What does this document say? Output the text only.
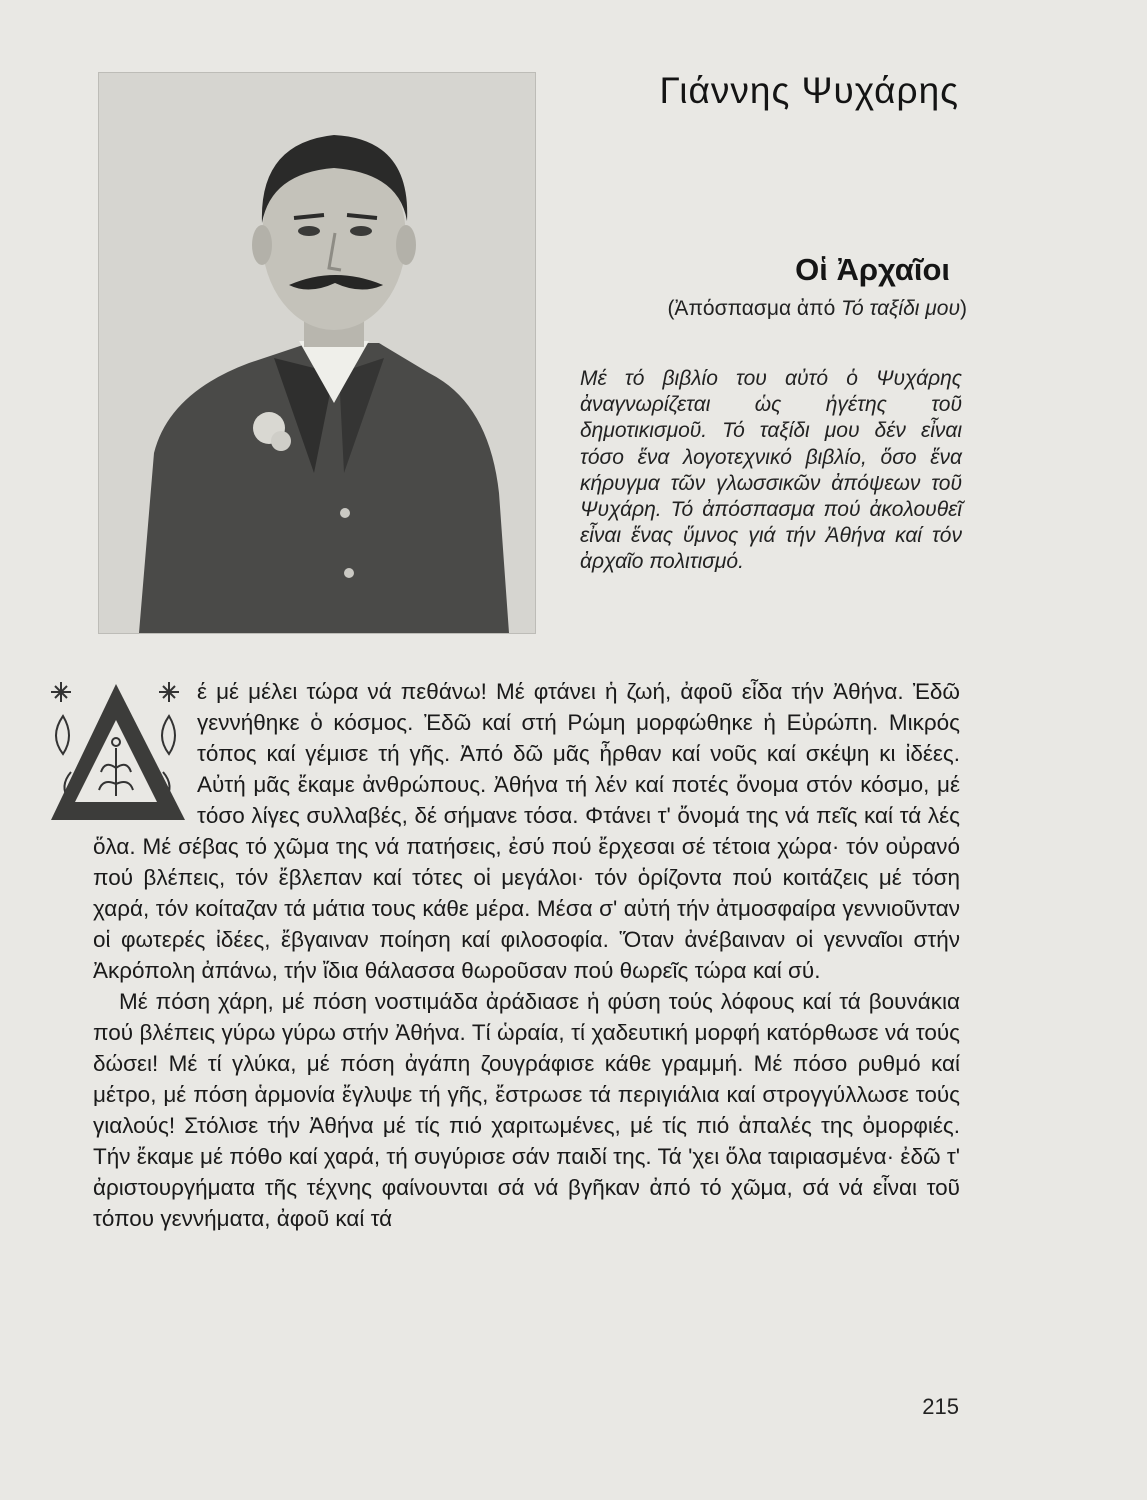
Γιάννης Ψυχάρης
Οἱ Ἀρχαῖοι

(Ἀπόσπασμα ἀπό Τό ταξίδι μου)

Μέ τό βιβλίο του αὐτό ὁ Ψυχάρης ἀναγνωρίζεται ὡς ἡγέτης τοῦ δημοτικισμοῦ. Τό ταξίδι μου δέν εἶναι τόσο ἕνα λογοτεχνικό βιβλίο, ὅσο ἕνα κήρυγμα τῶν γλωσσικῶν ἀπόψεων τοῦ Ψυχάρη. Τό ἀπόσπασμα πού ἀκολουθεῖ εἶναι ἕνας ὕμνος γιά τήν Ἀθήνα καί τόν ἀρχαῖο πολιτισμό.

έ μέ μέλει τώρα νά πεθάνω! Μέ φτάνει ἡ ζωή, ἀφοῦ εἶδα τήν Ἀθήνα. Ἐδῶ γεννήθηκε ὁ κόσμος. Ἐδῶ καί στή Ρώμη μορφώθηκε ἡ Εὐρώπη. Μικρός τόπος καί γέμισε τή γῆς. Ἀπό δῶ μᾶς ἦρθαν καί νοῦς καί σκέψη κι ἰδέες. Αὐτή μᾶς ἔκαμε ἀνθρώπους. Ἀθήνα τή λέν καί ποτές ὄνομα στόν κόσμο, μέ τόσο λίγες συλλαβές, δέ σήμανε τόσα. Φτάνει τ' ὄνομά της νά πεῖς καί τά λές ὅλα. Μέ σέβας τό χῶμα της νά πατήσεις, ἐσύ πού ἔρχεσαι σέ τέτοια χώρα· τόν οὐρανό πού βλέπεις, τόν ἔβλεπαν καί τότες οἱ μεγάλοι· τόν ὁρίζοντα πού κοιτάζεις μέ τόση χαρά, τόν κοίταζαν τά μάτια τους κάθε μέρα. Μέσα σ' αὐτή τήν ἀτμοσφαίρα γεννιοῦνταν οἱ φωτερές ἰδέες, ἔβγαιναν ποίηση καί φιλοσοφία. Ὅταν ἀνέβαιναν οἱ γενναῖοι στήν Ἀκρόπολη ἀπάνω, τήν ἴδια θάλασσα θωροῦσαν πού θωρεῖς τώρα καί σύ.

Μέ πόση χάρη, μέ πόση νοστιμάδα ἀράδιασε ἡ φύση τούς λόφους καί τά βουνάκια πού βλέπεις γύρω γύρω στήν Ἀθήνα. Τί ὡραία, τί χαδευτική μορφή κατόρθωσε νά τούς δώσει! Μέ τί γλύκα, μέ πόση ἀγάπη ζουγράφισε κάθε γραμμή. Μέ πόσο ρυθμό καί μέτρο, μέ πόση ἁρμονία ἔγλυψε τή γῆς, ἔστρωσε τά περιγιάλια καί στρογγύλλωσε τούς γιαλούς! Στόλισε τήν Ἀθήνα μέ τίς πιό χαριτωμένες, μέ τίς πιό ἁπαλές της ὀμορφιές. Τήν ἔκαμε μέ πόθο καί χαρά, τή συγύρισε σάν παιδί της. Τά 'χει ὅλα ταιριασμένα· ἐδῶ τ' ἀριστουργήματα τῆς τέχνης φαίνουνται σά νά βγῆκαν ἀπό τό χῶμα, σά νά εἶναι τοῦ τόπου γεννήματα, ἀφοῦ καί τά

215
